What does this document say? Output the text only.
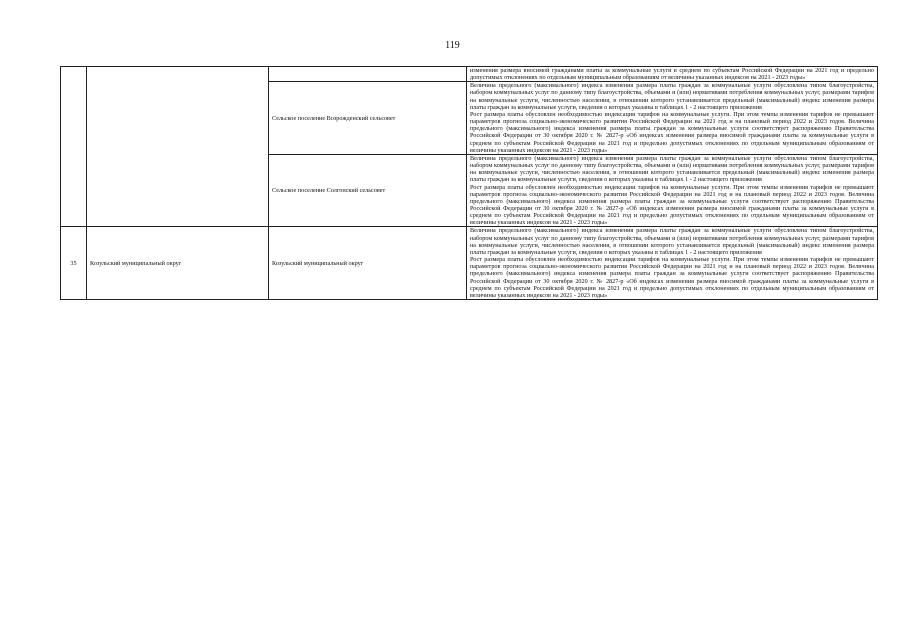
119

			изменения размера вносимой гражданами платы за коммунальные услуги в среднем по субъектам Российской Федерации на 2021 год и предельно допустимых отклонениях по отдельным муниципальным образованиям от величины указанных индексов на 2021 - 2023 годы»

		Сельское поселение Возрожденский сельсовет	Величина предельного (максимального) индекса изменения размера платы граждан за коммунальные услуги обусловлена типом благоустройства, набором коммунальных услуг по данному типу благоустройства, объемами и (или) нормативами потребления коммунальных услуг, размерами тарифов на коммунальные услуги, численностью населения, в отношении которого устанавливается предельный (максимальный) индекс изменения размера платы граждан за коммунальные услуги, сведения о которых указаны в таблицах 1 - 2 настоящего приложения

Рост размера платы обусловлен необходимостью индексации тарифов на коммунальные услуги. При этом темпы изменения тарифов не превышают параметров прогноза социально-экономического развития Российской Федерации на 2021 год и на плановый период 2022 и 2023 годов. Величина предельного (максимального) индекса изменения размера платы граждан за коммунальные услуги соответствует распоряжению Правительства Российской Федерации от 30 октября 2020 г. № 2827-р «Об индексах изменения размера вносимой гражданами платы за коммунальные услуги в среднем по субъектам Российской Федерации на 2021 год и предельно допустимых отклонениях по отдельным муниципальным образованиям от величины указанных индексов на 2021 - 2023 годы»

		Сельское поселение Солгонский сельсовет	Величина предельного (максимального) индекса изменения размера платы граждан за коммунальные услуги обусловлена типом благоустройства, набором коммунальных услуг по данному типу благоустройства, объемами и (или) нормативами потребления коммунальных услуг, размерами тарифов на коммунальные услуги, численностью населения, в отношении которого устанавливается предельный (максимальный) индекс изменения размера платы граждан за коммунальные услуги, сведения о которых указаны в таблицах 1 - 2 настоящего приложения

Рост размера платы обусловлен необходимостью индексации тарифов на коммунальные услуги. При этом темпы изменения тарифов не превышают параметров прогноза социально-экономического развития Российской Федерации на 2021 год и на плановый период 2022 и 2023 годов. Величина предельного (максимального) индекса изменения размера платы граждан за коммунальные услуги соответствует распоряжению Правительства Российской Федерации от 30 октября 2020 г. № 2827-р «Об индексах изменения размера вносимой гражданами платы за коммунальные услуги в среднем по субъектам Российской Федерации на 2021 год и предельно допустимых отклонениях по отдельным муниципальным образованиям от величины указанных индексов на 2021 - 2023 годы»

35	Козульский муниципальный округ	Козульский муниципальный округ	Величина предельного (максимального) индекса изменения размера платы граждан за коммунальные услуги обусловлена типом благоустройства, набором коммунальных услуг по данному типу благоустройства, объемами и (или) нормативами потребления коммунальных услуг, размерами тарифов на коммунальные услуги, численностью населения, в отношении которого устанавливается предельный (максимальный) индекс изменения размера платы граждан за коммунальные услуги, сведения о которых указаны в таблицах 1 - 2 настоящего приложения

Рост размера платы обусловлен необходимостью индексации тарифов на коммунальные услуги. При этом темпы изменения тарифов не превышают параметров прогноза социально-экономического развития Российской Федерации на 2021 год и на плановый период 2022 и 2023 годов. Величина предельного (максимального) индекса изменения размера платы граждан за коммунальные услуги соответствует распоряжению Правительства Российской Федерации от 30 октября 2020 г. № 2827-р «Об индексах изменения размера вносимой гражданами платы за коммунальные услуги в среднем по субъектам Российской Федерации на 2021 год и предельно допустимых отклонениях по отдельным муниципальным образованиям от величины указанных индексов на 2021 - 2023 годы»
